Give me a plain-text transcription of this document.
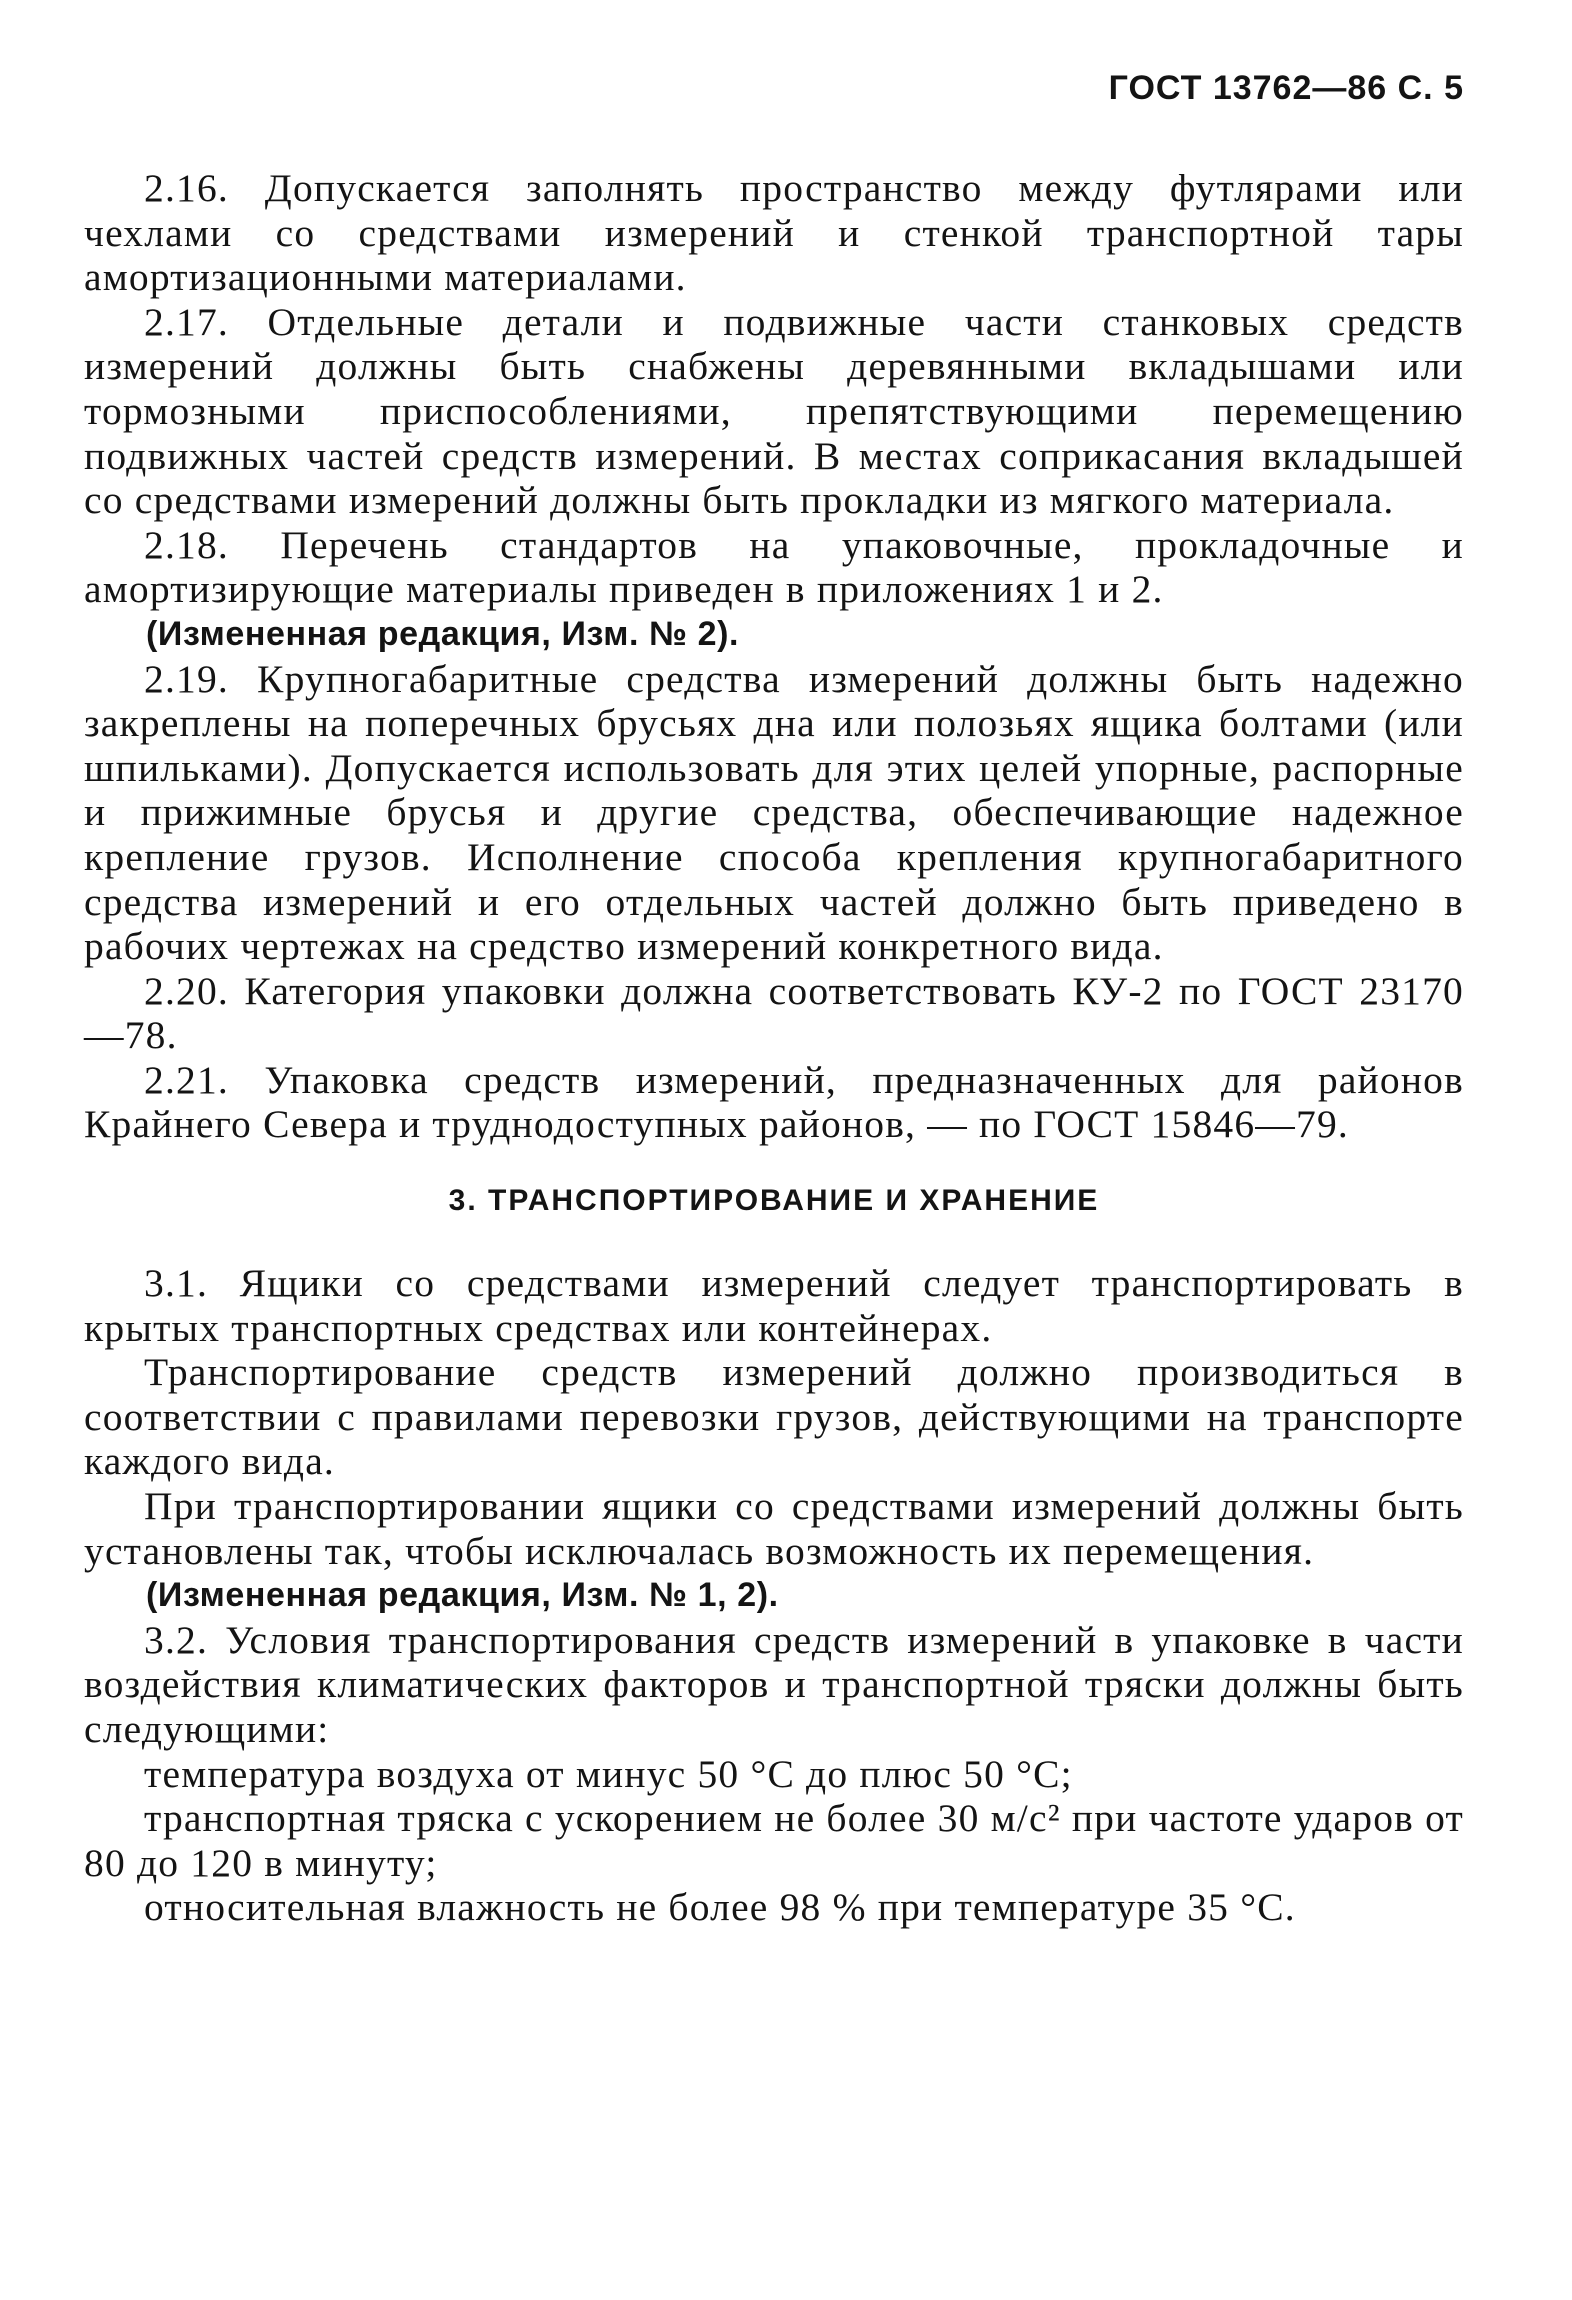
ГОСТ 13762—86 С. 5

2.16. Допускается заполнять пространство между футлярами или чехлами со средствами измерений и стенкой транспортной тары амортизационными материалами.

2.17. Отдельные детали и подвижные части станковых средств измерений должны быть снабжены деревянными вкладышами или тормозными приспособлениями, препятствующими перемещению подвижных частей средств измерений. В местах соприкасания вкладышей со средствами измерений должны быть прокладки из мягкого материала.

2.18. Перечень стандартов на упаковочные, прокладочные и амортизирующие материалы приведен в приложениях 1 и 2.

(Измененная редакция, Изм. № 2).

2.19. Крупногабаритные средства измерений должны быть надежно закреплены на поперечных брусьях дна или полозьях ящика болтами (или шпильками). Допускается использовать для этих целей упорные, распорные и прижимные брусья и другие средства, обеспечивающие надежное крепление грузов. Исполнение способа крепления крупногабаритного средства измерений и его отдельных частей должно быть приведено в рабочих чертежах на средство измерений конкретного вида.

2.20. Категория упаковки должна соответствовать КУ-2 по ГОСТ 23170—78.

2.21. Упаковка средств измерений, предназначенных для районов Крайнего Севера и труднодоступных районов, — по ГОСТ 15846—79.

3. ТРАНСПОРТИРОВАНИЕ И ХРАНЕНИЕ

3.1. Ящики со средствами измерений следует транспортировать в крытых транспортных средствах или контейнерах.

Транспортирование средств измерений должно производиться в соответствии с правилами перевозки грузов, действующими на транспорте каждого вида.

При транспортировании ящики со средствами измерений должны быть установлены так, чтобы исключалась возможность их перемещения.

(Измененная редакция, Изм. № 1, 2).

3.2. Условия транспортирования средств измерений в упаковке в части воздействия климатических факторов и транспортной тряски должны быть следующими:

температура воздуха от минус 50 °С до плюс 50 °С;

транспортная тряска с ускорением не более 30 м/с² при частоте ударов от 80 до 120 в минуту;

относительная влажность не более 98 % при температуре 35 °С.
